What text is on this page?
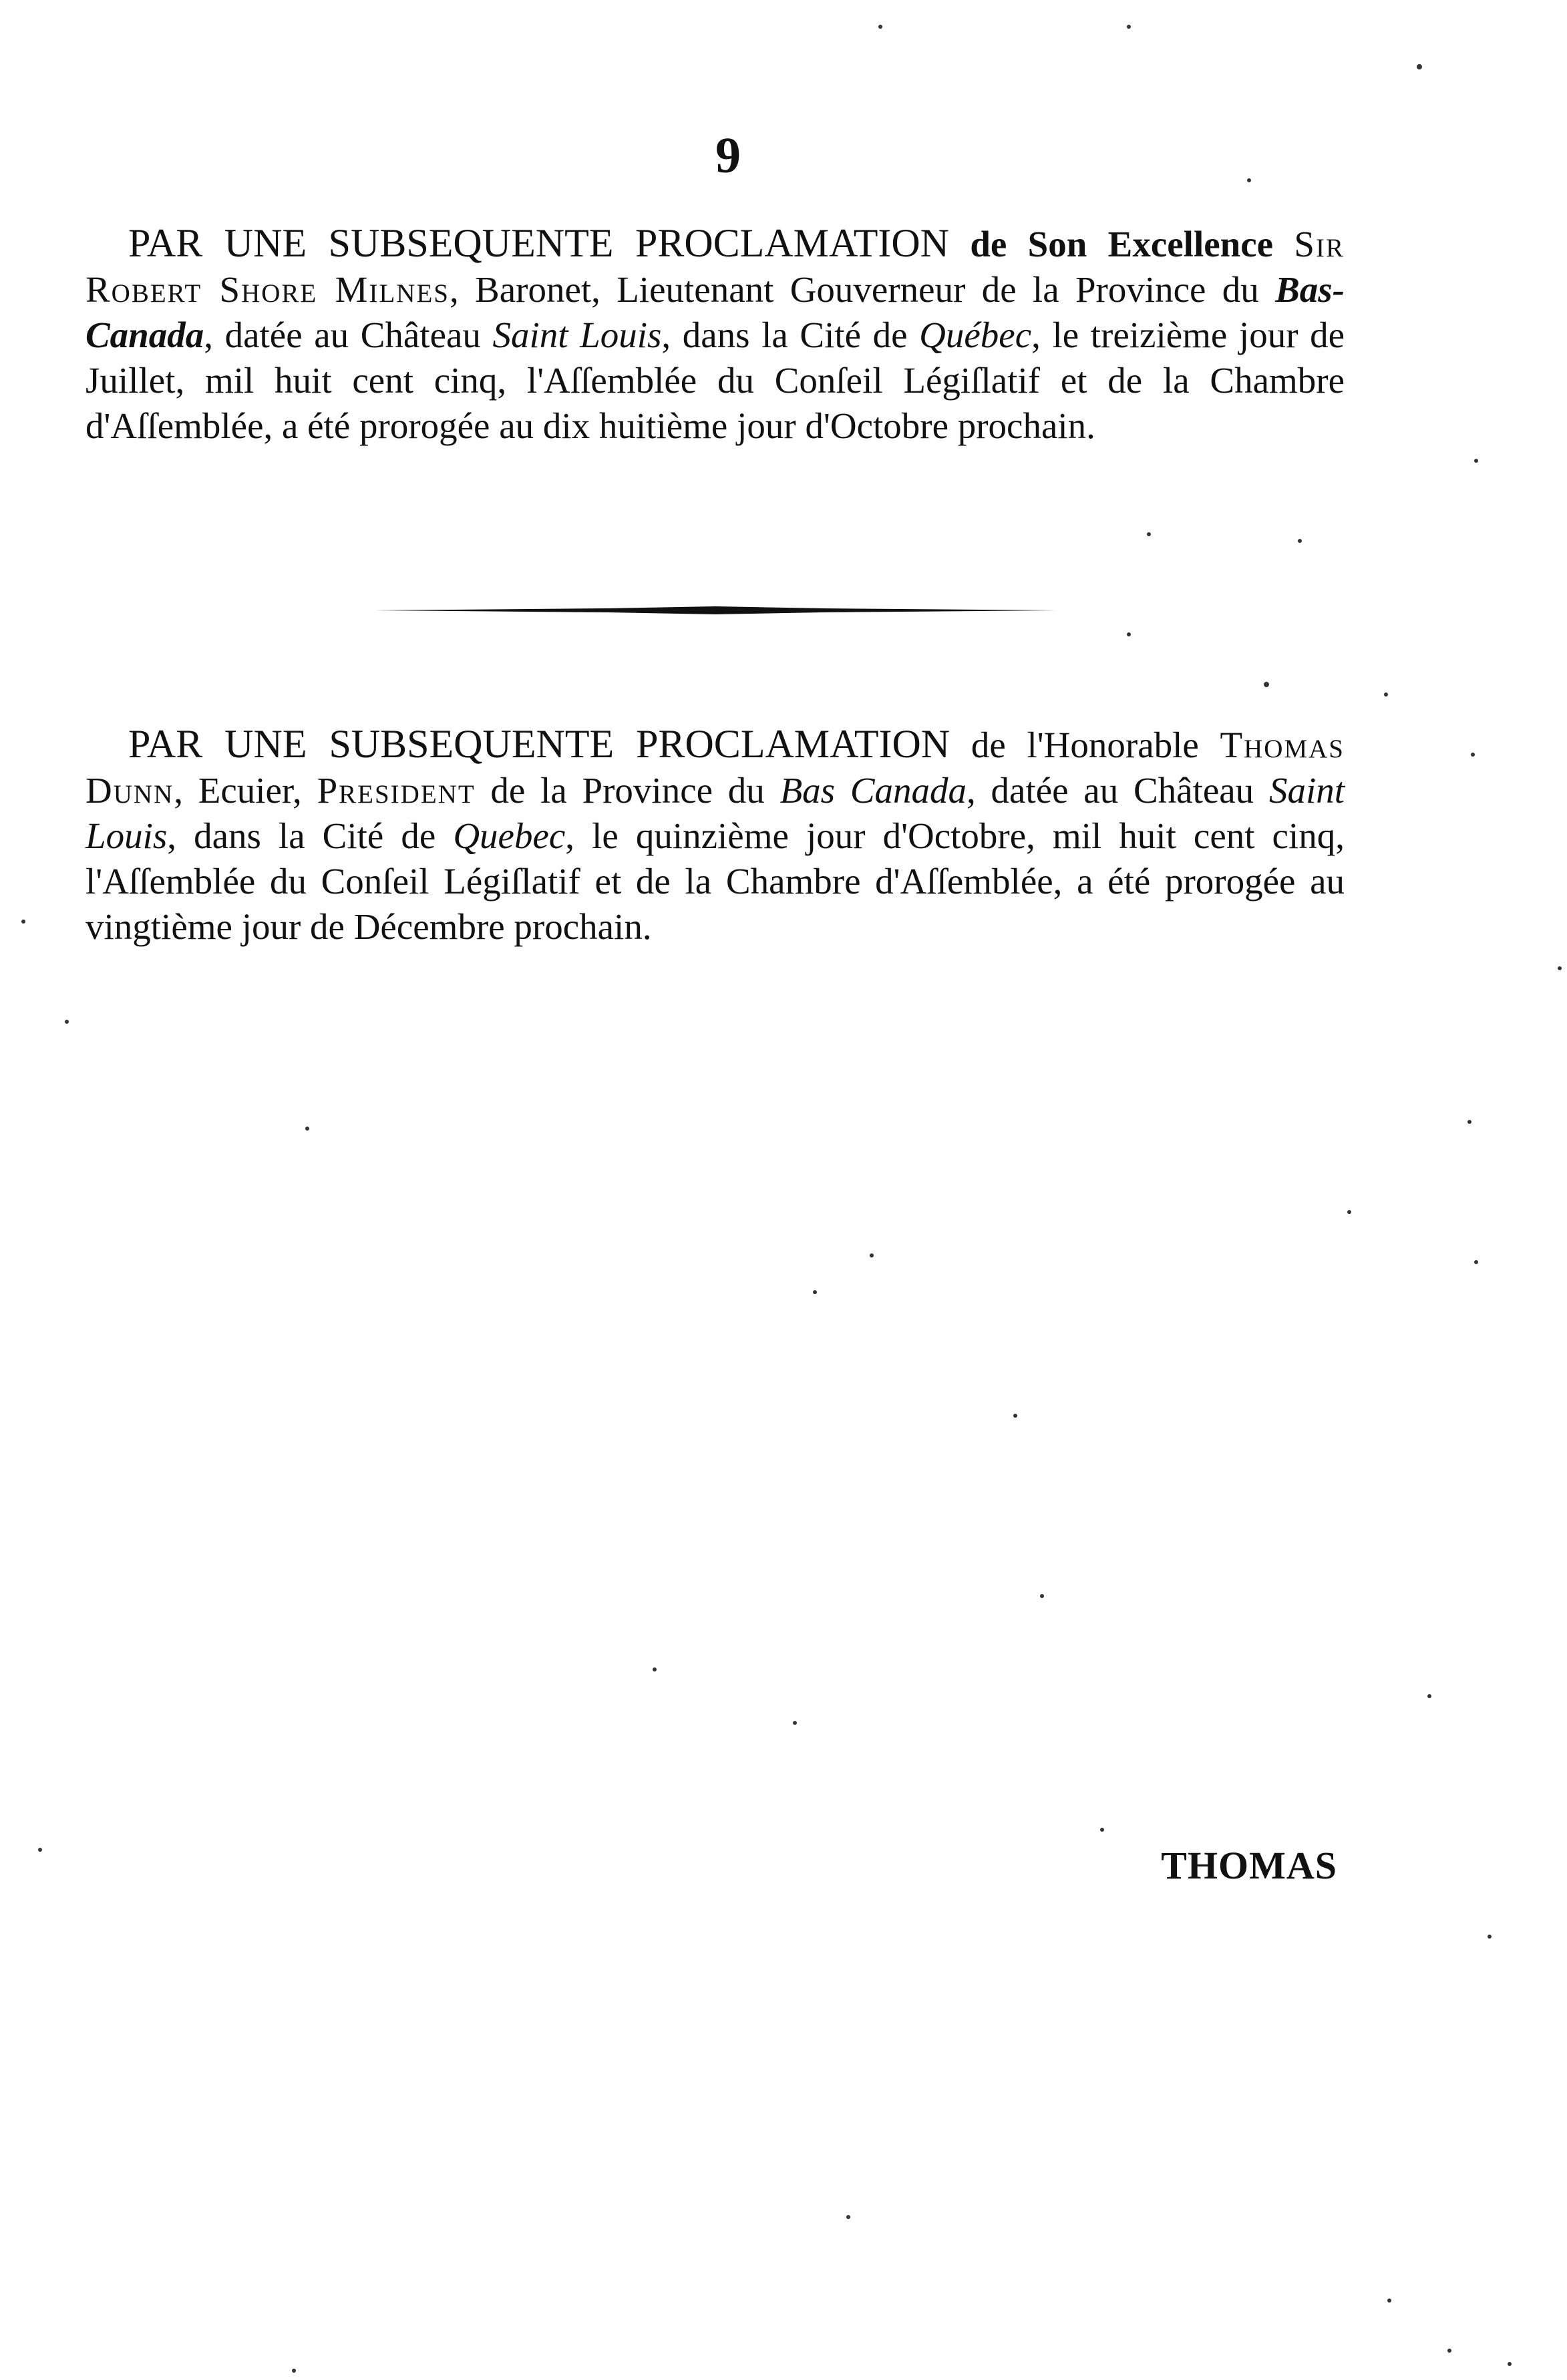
9
PAR UNE SUBSEQUENTE PROCLAMATION de Son Excellence Sir Robert Shore Milnes, Baronet, Lieutenant Gouverneur de la Province du Bas-Canada, datée au Château Saint Louis, dans la Cité de Québec, le treizième jour de Juillet, mil huit cent cinq, l'Aſſemblée du Conſeil Légiſlatif et de la Chambre d'Aſſemblée, a été prorogée au dix huitième jour d'Octobre prochain.
PAR UNE SUBSEQUENTE PROCLAMATION de l'Honorable Thomas Dunn, Ecuier, President de la Province du Bas Canada, datée au Château Saint Louis, dans la Cité de Quebec, le quinzième jour d'Octobre, mil huit cent cinq, l'Aſſemblée du Conſeil Légiſlatif et de la Chambre d'Aſſemblée, a été prorogée au vingtième jour de Décembre prochain.
THOMAS
